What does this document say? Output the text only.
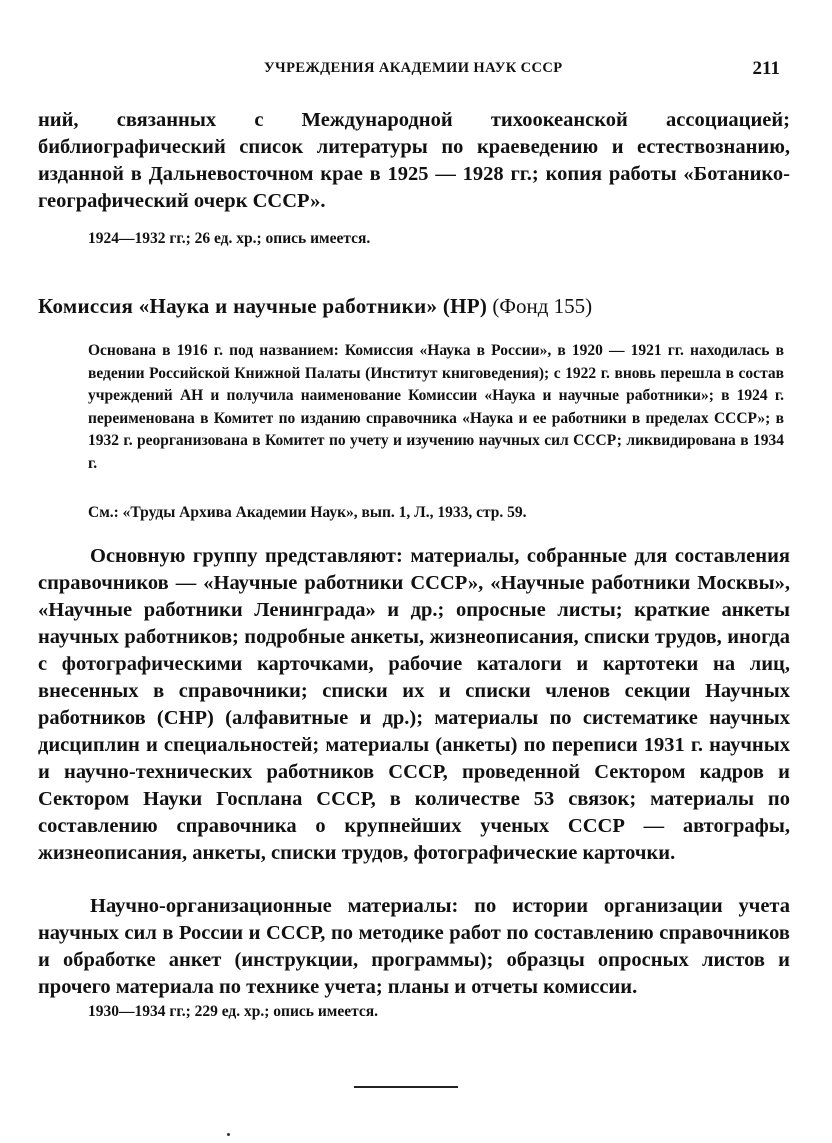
УЧРЕЖДЕНИЯ АКАДЕМИИ НАУК СССР	211

ний, связанных с Международной тихоокеанской ассоциацией; библиографический список литературы по краеведению и естествознанию, изданной в Дальневосточном крае в 1925 — 1928 гг.; копия работы «Ботанико-географический очерк СССР».

1924—1932 гг.; 26 ед. хр.; опись имеется.

Комиссия «Наука и научные работники» (НР) (Фонд 155)

Основана в 1916 г. под названием: Комиссия «Наука в России», в 1920 — 1921 гг. находилась в ведении Российской Книжной Палаты (Институт книговедения); с 1922 г. вновь перешла в состав учреждений АН и получила наименование Комиссии «Наука и научные работники»; в 1924 г. переименована в Комитет по изданию справочника «Наука и ее работники в пределах СССР»; в 1932 г. реорганизована в Комитет по учету и изучению научных сил СССР; ликвидирована в 1934 г.

См.: «Труды Архива Академии Наук», вып. 1, Л., 1933, стр. 59.

Основную группу представляют: материалы, собранные для составления справочников — «Научные работники СССР», «Научные работники Москвы», «Научные работники Ленинграда» и др.; опросные листы; краткие анкеты научных работников; подробные анкеты, жизнеописания, списки трудов, иногда с фотографическими карточками, рабочие каталоги и картотеки на лиц, внесенных в справочники; списки их и списки членов секции Научных работников (СНР) (алфавитные и др.); материалы по систематике научных дисциплин и специальностей; материалы (анкеты) по переписи 1931 г. научных и научно-технических работников СССР, проведенной Сектором кадров и Сектором Науки Госплана СССР, в количестве 53 связок; материалы по составлению справочника о крупнейших ученых СССР — автографы, жизнеописания, анкеты, списки трудов, фотографические карточки.

Научно-организационные материалы: по истории организации учета научных сил в России и СССР, по методике работ по составлению справочников и обработке анкет (инструкции, программы); образцы опросных листов и прочего материала по технике учета; планы и отчеты комиссии.

1930—1934 гг.; 229 ед. хр.; опись имеется.
